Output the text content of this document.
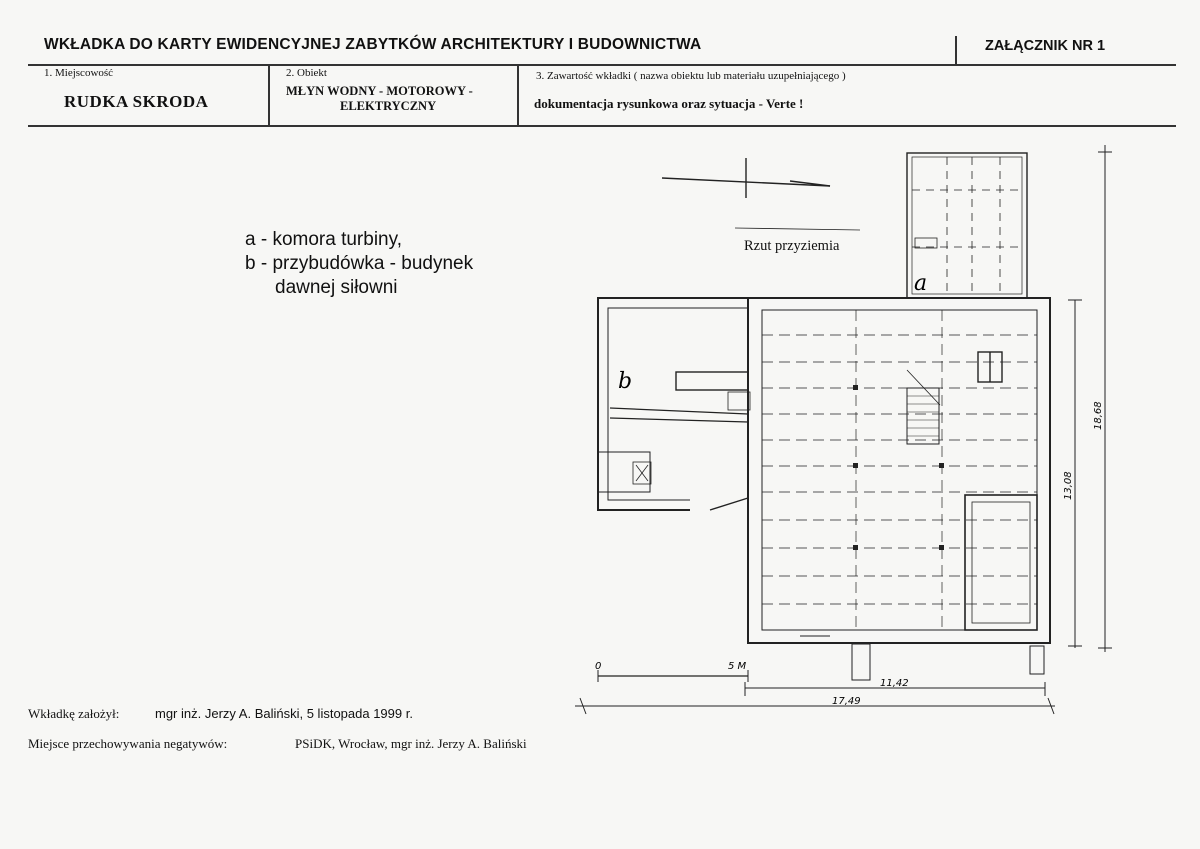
WKŁADKA DO KARTY EWIDENCYJNEJ ZABYTKÓW ARCHITEKTURY I BUDOWNICTWA	ZAŁĄCZNIK NR 1
1. Miejscowość
RUDKA SKRODA
2. Obiekt
MŁYN WODNY - MOTOROWY -
ELEKTRYCZNY
3. Zawartość wkładki ( nazwa obiektu lub materiału uzupełniającego )
dokumentacja rysunkowa oraz sytuacja - Verte !
a - komora turbiny,
b - przybudówka - budynek
dawnej siłowni
Rzut przyziemia
a
b
0	5 M
11,42
17,49
13,08
18,68
Wkładkę założył:	mgr inż. Jerzy A. Baliński, 5 listopada 1999 r.
Miejsce przechowywania negatywów:	PSiDK, Wrocław, mgr inż. Jerzy A. Baliński
